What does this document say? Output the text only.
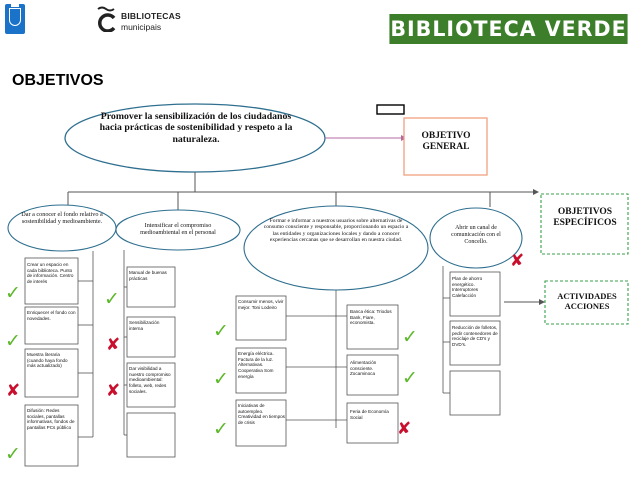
BIBLIOTECAS
municipais	BIBLIOTECA VERDE
OBJETIVOS
Promover la sensibilización de los ciudadanos hacia prácticas de sostenibilidad y respeto a la naturaleza.	OBJETIVO GENERAL
OBJETIVOS ESPECÍFICOS
ACTIVIDADES ACCIONES
Dar a conocer el fondo relativo a sostenibilidad y medioambiente.
Intensificar el compromiso medioambiental en el personal
Formar e informar a nuestros usuarios sobre alternativas de consumo consciente y responsable, proporcionando un espacio a las entidades y organizaciones locales y dando a conocer experiencias cercanas que se desarrollan en nuestra ciudad.
Abrir un canal de comunicación con el Concello.
Crear un espacio en cada biblioteca. Punto de información. Centro de interés
Enriquecer el fondo con novedades.
Muestra literaria (cuando haya fondo más actualizado)
Difusión: Redes sociales, pantallas informativas, fondos de pantallas PCs público
Manual de buenas prácticas
Sensibilización interna
Dar visibilidad a nuestro compromiso medioambiental: folleto, web, redes sociales.
Consumir menos, vivir mejor. Toni Lodeiro
Energía eléctrica. Factura de la luz. Alternativas. Cooperativa Som energía
Iniciativas de autoempleo. Creatividad en tiempos de crisis
Banca ética: Triodos Bank, Fiare, economista.
Alimentación consciente. Zocaminoca
Feria de Economía Social
Plan de ahorro energético. Interruptores Calefacción
Reducción de folletos, pedir contenedores de reciclaje de CD's y DVD's.
✓
✓
✘
✓
✓
✘
✘
✓
✓
✓
✓
✓
✘
✘
